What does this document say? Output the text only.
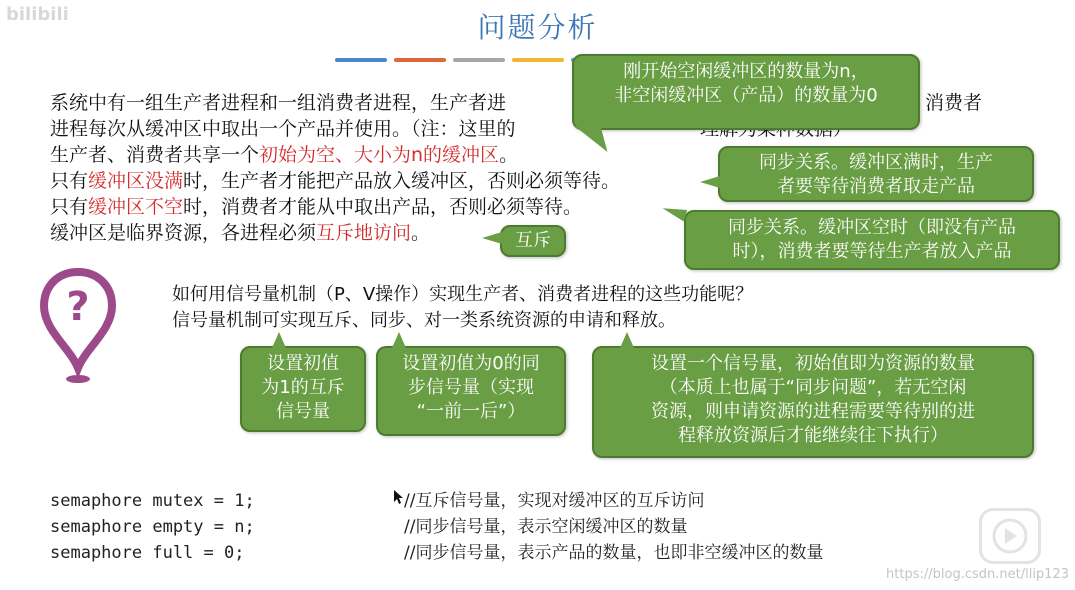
bilibili	问题分析
系统中有一组生产者进程和一组消费者进程，生产者进	消费者
进程每次从缓冲区中取出一个产品并使用。（注：这里的
生产者、消费者共享一个初始为空、大小为n的缓冲区。
只有缓冲区没满时，生产者才能把产品放入缓冲区，否则必须等待。
只有缓冲区不空时，消费者才能从中取出产品，否则必须等待。
缓冲区是临界资源，各进程必须互斥地访问。
刚开始空闲缓冲区的数量为n，
非空闲缓冲区（产品）的数量为0
同步关系。缓冲区满时，生产
者要等待消费者取走产品
同步关系。缓冲区空时（即没有产品
时），消费者要等待生产者放入产品
互斥
?	如何用信号量机制（P、V操作）实现生产者、消费者进程的这些功能呢？
信号量机制可实现互斥、同步、对一类系统资源的申请和释放。
设置初值
为1的互斥
信号量
设置初值为0的同
步信号量（实现
“一前一后”）
设置一个信号量，初始值即为资源的数量
（本质上也属于“同步问题”，若无空闲
资源，则申请资源的进程需要等待别的进
程释放资源后才能继续往下执行）
semaphore mutex = 1;	//互斥信号量，实现对缓冲区的互斥访问
semaphore empty = n;	//同步信号量，表示空闲缓冲区的数量
semaphore full = 0;	//同步信号量，表示产品的数量，也即非空缓冲区的数量
https://blog.csdn.net/llip123
